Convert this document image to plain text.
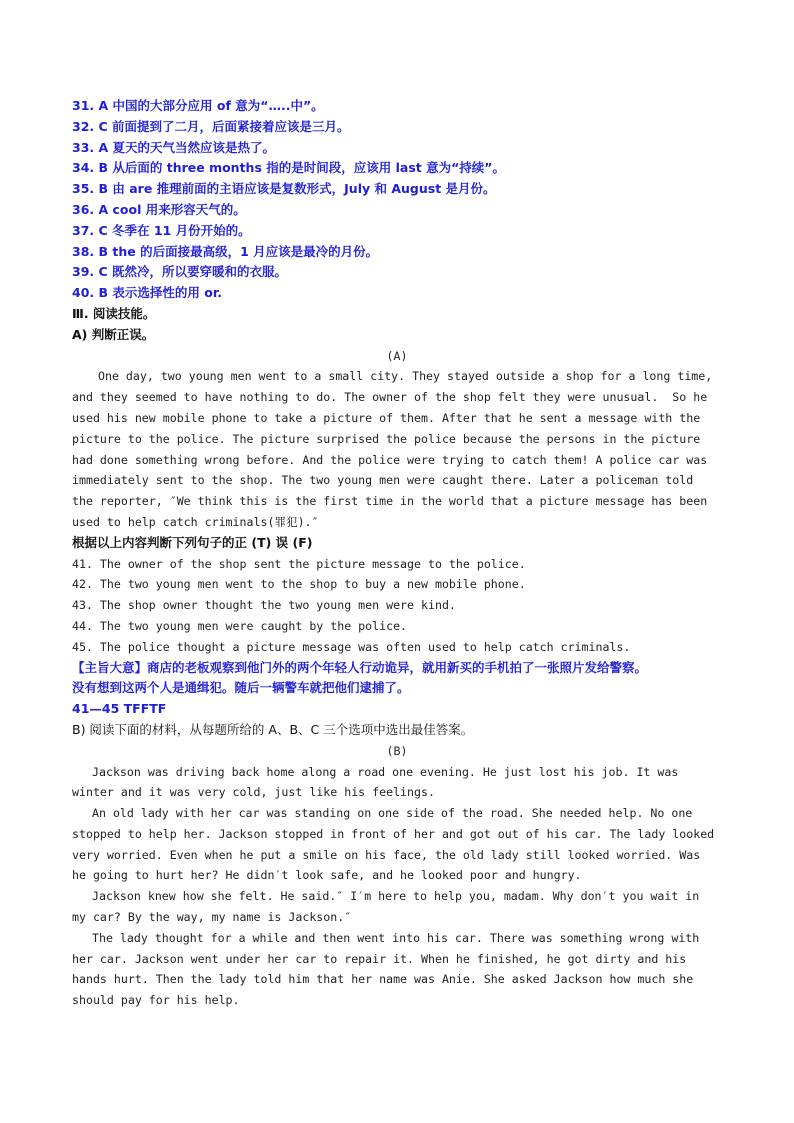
31. A 中国的大部分应用 of 意为“…..中”。
32. C 前面提到了二月，后面紧接着应该是三月。
33. A 夏天的天气当然应该是热了。
34. B 从后面的 three months 指的是时间段，应该用 last 意为“持续”。
35. B 由 are 推理前面的主语应该是复数形式，July 和 August 是月份。
36. A cool 用来形容天气的。
37. C 冬季在 11 月份开始的。
38. B the 的后面接最高级，1 月应该是最冷的月份。
39. C 既然冷，所以要穿暖和的衣服。
40. B 表示选择性的用 or.
Ⅲ. 阅读技能。
A) 判断正误。
(A)
One day, two young men went to a small city. They stayed outside a shop for a long time,
and they seemed to have nothing to do. The owner of the shop felt they were unusual.  So he
used his new mobile phone to take a picture of them. After that he sent a message with the
picture to the police. The picture surprised the police because the persons in the picture
had done something wrong before. And the police were trying to catch them! A police car was
immediately sent to the shop. The two young men were caught there. Later a policeman told
the reporter, ″We think this is the first time in the world that a picture message has been
used to help catch criminals(罪犯).″
根据以上内容判断下列句子的正 (T) 误 (F)
41. The owner of the shop sent the picture message to the police.
42. The two young men went to the shop to buy a new mobile phone.
43. The shop owner thought the two young men were kind.
44. The two young men were caught by the police.
45. The police thought a picture message was often used to help catch criminals.
【主旨大意】商店的老板观察到他门外的两个年轻人行动诡异，就用新买的手机拍了一张照片发给警察。
没有想到这两个人是通缉犯。随后一辆警车就把他们逮捕了。
41—45 TFFTF
B) 阅读下面的材料，从每题所给的 A、B、C 三个选项中选出最佳答案。
(B)
Jackson was driving back home along a road one evening. He just lost his job. It was
winter and it was very cold, just like his feelings.
An old lady with her car was standing on one side of the road. She needed help. No one
stopped to help her. Jackson stopped in front of her and got out of his car. The lady looked
very worried. Even when he put a smile on his face, the old lady still looked worried. Was
he going to hurt her? He didn′t look safe, and he looked poor and hungry.
Jackson knew how she felt. He said.″ I′m here to help you, madam. Why don′t you wait in
my car? By the way, my name is Jackson.″
The lady thought for a while and then went into his car. There was something wrong with
her car. Jackson went under her car to repair it. When he finished, he got dirty and his
hands hurt. Then the lady told him that her name was Anie. She asked Jackson how much she
should pay for his help.
